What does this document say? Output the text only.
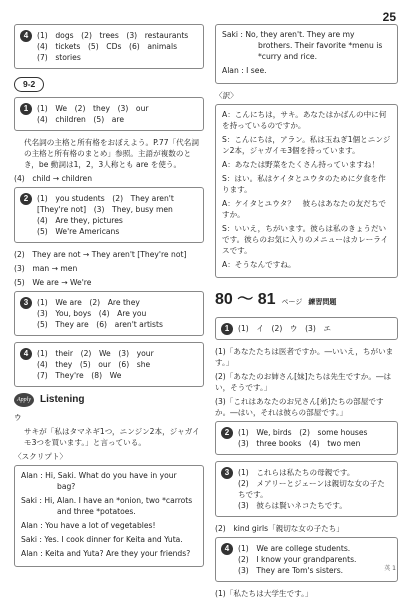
25
4	(1)　dogs　(2)　trees　(3)　restaurants
(4)　tickets　(5)　CDs　(6)　animals
(7)　stories
9-2
1	(1)　We　(2)　they　(3)　our
(4)　children　(5)　are

代名詞の主格と所有格をおぼえよう。P.77「代名詞の主格と所有格のまとめ」参照。主語が複数のとき，be 動詞は1，2，3人称とも are を使う。

(4)　child → children

2	(1)　you students　(2)　They aren't
[They're not]　(3)　They, busy men
(4)　Are they, pictures
(5)　We're Americans

(2)　They are not → They aren't [They're not]

(3)　man → men

(5)　We are → We're

3	(1)　We are　(2)　Are they
(3)　You, boys　(4)　Are you
(5)　They are　(6)　aren't artists
4	(1)　their　(2)　We　(3)　your
(4)　they　(5)　our　(6)　she
(7)　They're　(8)　We
Apply Listening

ウ

サキが「私はタマネギ1つ，ニンジン2本，ジャガイモ3つを買います。」と言っている。

〈スクリプト〉

Alan : Hi, Saki. What do you have in your bag?

Saki : Hi, Alan. I have an *onion, two *carrots and three *potatoes.

Alan : You have a lot of vegetables!

Saki : Yes. I cook dinner for Keita and Yuta.

Alan : Keita and Yuta? Are they your friends?

Saki : No, they aren't. They are my brothers. Their favorite *menu is *curry and rice.

Alan : I see.

〈訳〉

A：こんにちは，サキ。あなたはかばんの中に何を持っているのですか。

S：こんにちは，アラン。私は玉ねぎ1個とニンジン2本，ジャガイモ3個を持っています。

A：あなたは野菜をたくさん持っていますね！

S：はい。私はケイタとユウタのために夕食を作ります。

A：ケイタとユウタ？　彼らはあなたの友だちですか。

S：いいえ，ちがいます。彼らは私のきょうだいです。彼らのお気に入りのメニューはカレーライスです。

A：そうなんですね。

80 ～ 81 ページ 練習問題
1	(1)　イ　(2)　ウ　(3)　エ

(1)「あなたたちは医者ですか。―いいえ，ちがいます。」

(2)「あなたのお姉さん[妹]たちは先生ですか。―はい，そうです。」

(3)「これはあなたのお兄さん[弟]たちの部屋ですか。―はい，それは彼らの部屋です。」

2	(1)　We, birds　(2)　some houses
(3)　three books　(4)　two men
3	(1)　これらは私たちの母親です。
(2)　メアリーとジェーンは親切な女の子たちです。
(3)　彼らは賢いネコたちです。

(2)　kind girls「親切な女の子たち」

4	(1)　We are college students.
(2)　I know your grandparents.
(3)　They are Tom's sisters.

(1)「私たちは大学生です。」

英 1
